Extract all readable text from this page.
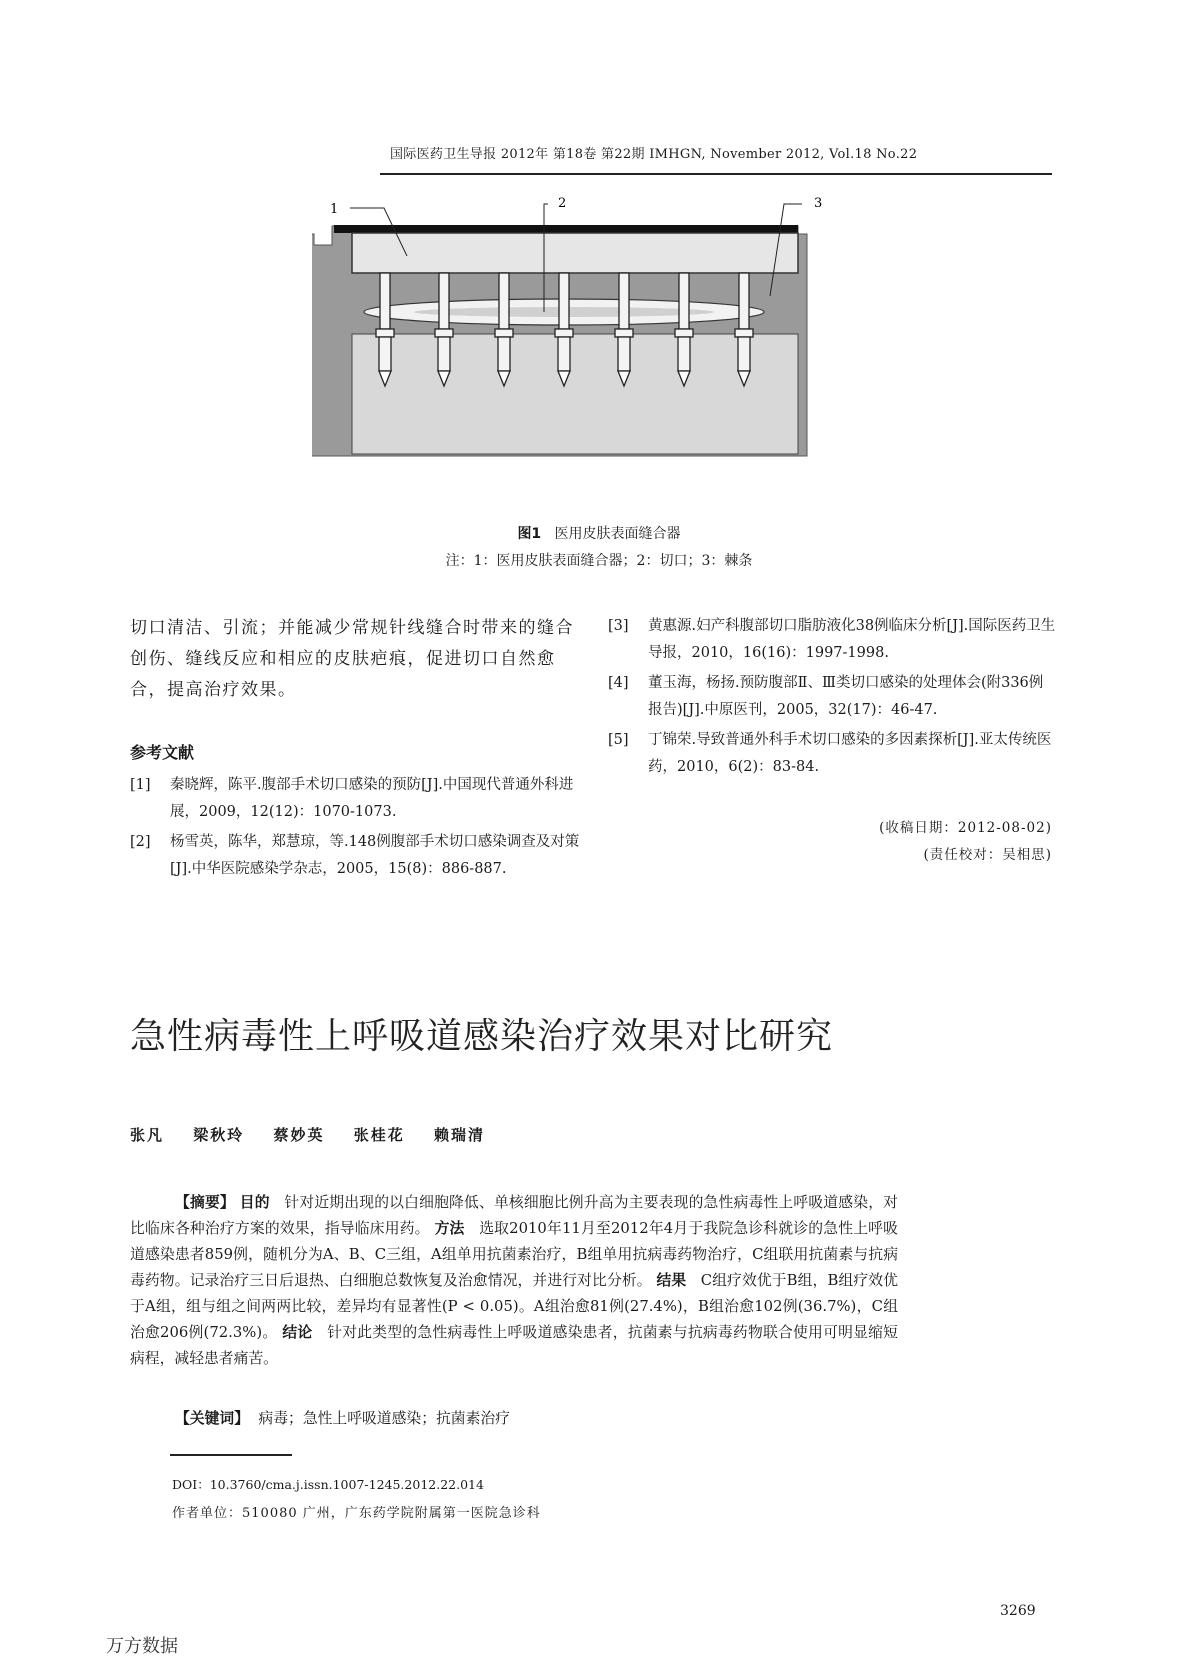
国际医药卫生导报 2012年 第18卷 第22期 IMHGN, November 2012, Vol.18 No.22
1	2	3
图1 医用皮肤表面缝合器
注：1：医用皮肤表面缝合器；2：切口；3：棘条
切口清洁、引流；并能减少常规针线缝合时带来的缝合创伤、缝线反应和相应的皮肤疤痕，促进切口自然愈合，提高治疗效果。
参考文献
[1] 秦晓辉，陈平.腹部手术切口感染的预防[J].中国现代普通外科进展，2009，12(12)：1070-1073.
[2] 杨雪英，陈华，郑慧琼，等.148例腹部手术切口感染调查及对策[J].中华医院感染学杂志，2005，15(8)：886-887.
[3] 黄惠源.妇产科腹部切口脂肪液化38例临床分析[J].国际医药卫生导报，2010，16(16)：1997-1998.
[4] 董玉海，杨扬.预防腹部Ⅱ、Ⅲ类切口感染的处理体会(附336例报告)[J].中原医刊，2005，32(17)：46-47.
[5] 丁锦荣.导致普通外科手术切口感染的多因素探析[J].亚太传统医药，2010，6(2)：83-84.
(收稿日期：2012-08-02)
(责任校对：吴相思)
急性病毒性上呼吸道感染治疗效果对比研究
张凡 梁秋玲 蔡妙英 张桂花 赖瑞清
【摘要】 目的 针对近期出现的以白细胞降低、单核细胞比例升高为主要表现的急性病毒性上呼吸道感染，对比临床各种治疗方案的效果，指导临床用药。 方法 选取2010年11月至2012年4月于我院急诊科就诊的急性上呼吸道感染患者859例，随机分为A、B、C三组，A组单用抗菌素治疗，B组单用抗病毒药物治疗，C组联用抗菌素与抗病毒药物。记录治疗三日后退热、白细胞总数恢复及治愈情况，并进行对比分析。 结果 C组疗效优于B组，B组疗效优于A组，组与组之间两两比较，差异均有显著性(P < 0.05)。A组治愈81例(27.4%)，B组治愈102例(36.7%)，C组治愈206例(72.3%)。 结论 针对此类型的急性病毒性上呼吸道感染患者，抗菌素与抗病毒药物联合使用可明显缩短病程，减轻患者痛苦。
【关键词】 病毒；急性上呼吸道感染；抗菌素治疗
DOI：10.3760/cma.j.issn.1007-1245.2012.22.014
作者单位：510080 广州，广东药学院附属第一医院急诊科
3269
万方数据
